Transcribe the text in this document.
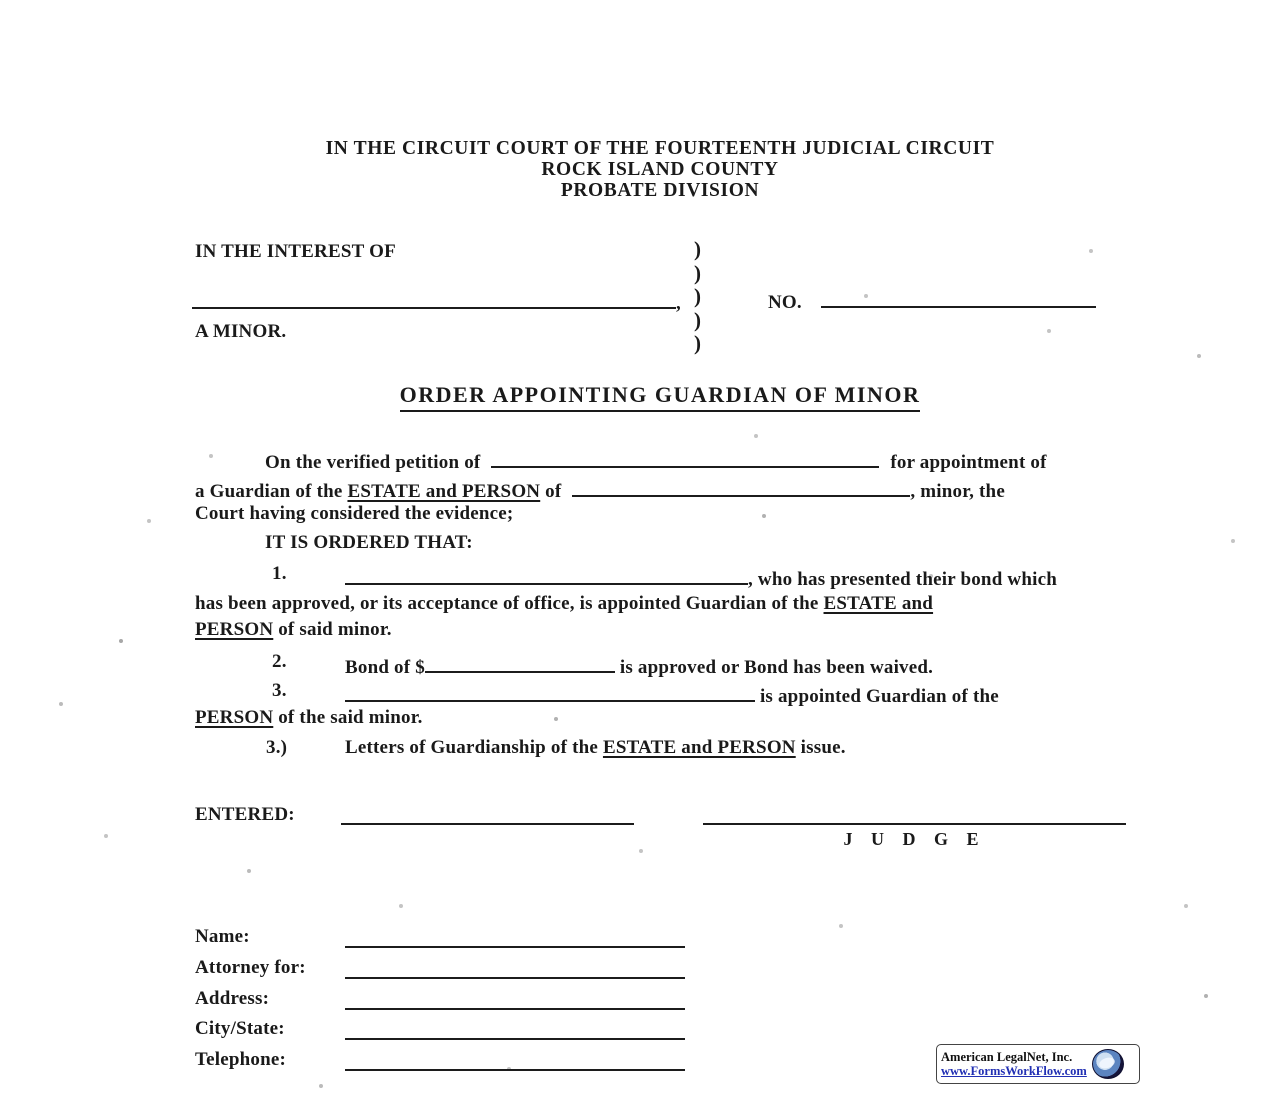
IN THE CIRCUIT COURT OF THE FOURTEENTH JUDICIAL CIRCUIT
ROCK ISLAND COUNTY
PROBATE DIVISION
IN THE INTEREST OF
,
A MINOR.
)
)
)
)
)
NO.
ORDER APPOINTING GUARDIAN OF MINOR
On the verified petition of	for appointment of
a Guardian of the ESTATE and PERSON of	, minor, the
Court having considered the evidence;
IT IS ORDERED THAT:
1.	, who has presented their bond which
has been approved, or its acceptance of office, is appointed Guardian of the ESTATE and
PERSON of said minor.
2.	Bond of $	is approved or Bond has been waived.
3.	is appointed Guardian of the
PERSON of the said minor.
3.)	Letters of Guardianship of the ESTATE and PERSON issue.
ENTERED:
J U D G E
Name:
Attorney for:
Address:
City/State:
Telephone:	American LegalNet, Inc.
www.FormsWorkFlow.com
